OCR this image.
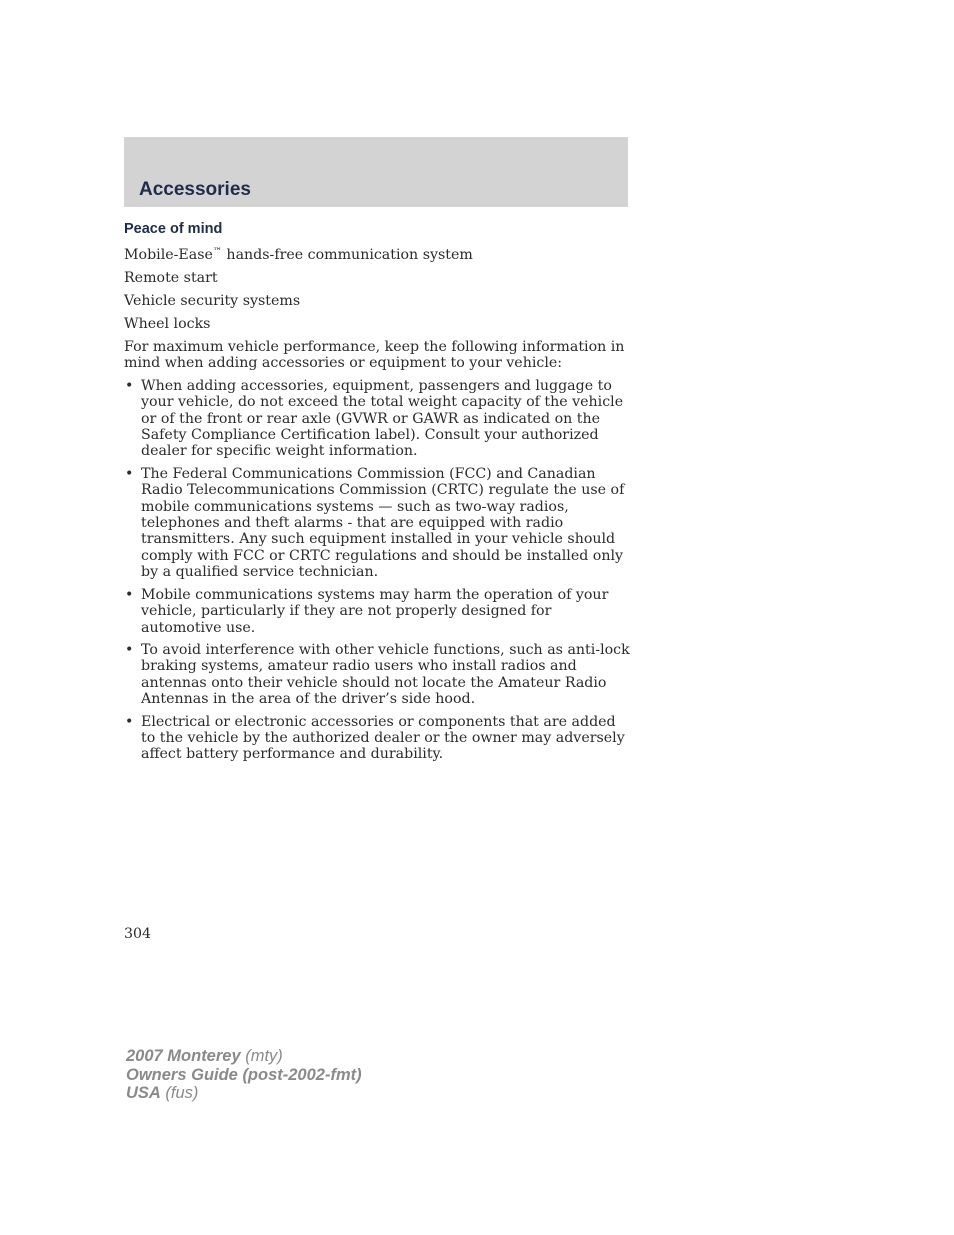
Accessories
Peace of mind
Mobile-Ease™ hands-free communication system
Remote start
Vehicle security systems
Wheel locks
For maximum vehicle performance, keep the following information in mind when adding accessories or equipment to your vehicle:
• When adding accessories, equipment, passengers and luggage to your vehicle, do not exceed the total weight capacity of the vehicle or of the front or rear axle (GVWR or GAWR as indicated on the Safety Compliance Certification label). Consult your authorized dealer for specific weight information.
• The Federal Communications Commission (FCC) and Canadian Radio Telecommunications Commission (CRTC) regulate the use of mobile communications systems — such as two-way radios, telephones and theft alarms - that are equipped with radio transmitters. Any such equipment installed in your vehicle should comply with FCC or CRTC regulations and should be installed only by a qualified service technician.
• Mobile communications systems may harm the operation of your vehicle, particularly if they are not properly designed for automotive use.
• To avoid interference with other vehicle functions, such as anti-lock braking systems, amateur radio users who install radios and antennas onto their vehicle should not locate the Amateur Radio Antennas in the area of the driver’s side hood.
• Electrical or electronic accessories or components that are added to the vehicle by the authorized dealer or the owner may adversely affect battery performance and durability.
304
2007 Monterey (mty)
Owners Guide (post-2002-fmt)
USA (fus)
